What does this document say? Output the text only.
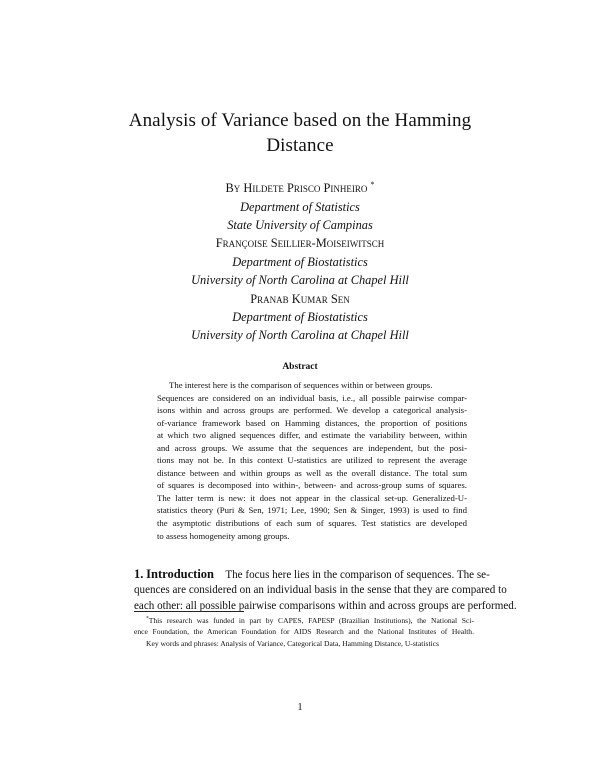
Analysis of Variance based on the Hamming
Distance
By Hildete Prisco Pinheiro *
Department of Statistics
State University of Campinas
Françoise Seillier-Moiseiwitsch
Department of Biostatistics
University of North Carolina at Chapel Hill
Pranab Kumar Sen
Department of Biostatistics
University of North Carolina at Chapel Hill
Abstract
The interest here is the comparison of sequences within or between groups.
Sequences are considered on an individual basis, i.e., all possible pairwise compar-
isons within and across groups are performed. We develop a categorical analysis-
of-variance framework based on Hamming distances, the proportion of positions
at which two aligned sequences differ, and estimate the variability between, within
and across groups. We assume that the sequences are independent, but the posi-
tions may not be. In this context U-statistics are utilized to represent the average
distance between and within groups as well as the overall distance. The total sum
of squares is decomposed into within-, between- and across-group sums of squares.
The latter term is new: it does not appear in the classical set-up. Generalized-U-
statistics theory (Puri & Sen, 1971; Lee, 1990; Sen & Singer, 1993) is used to find
the asymptotic distributions of each sum of squares. Test statistics are developed
to assess homogeneity among groups.
1. Introduction The focus here lies in the comparison of sequences. The se-
quences are considered on an individual basis in the sense that they are compared to
each other: all possible pairwise comparisons within and across groups are performed.
*This research was funded in part by CAPES, FAPESP (Brazilian Institutions), the National Sci-
ence Foundation, the American Foundation for AIDS Research and the National Institutes of Health.
Key words and phrases: Analysis of Variance, Categorical Data, Hamming Distance, U-statistics
1
